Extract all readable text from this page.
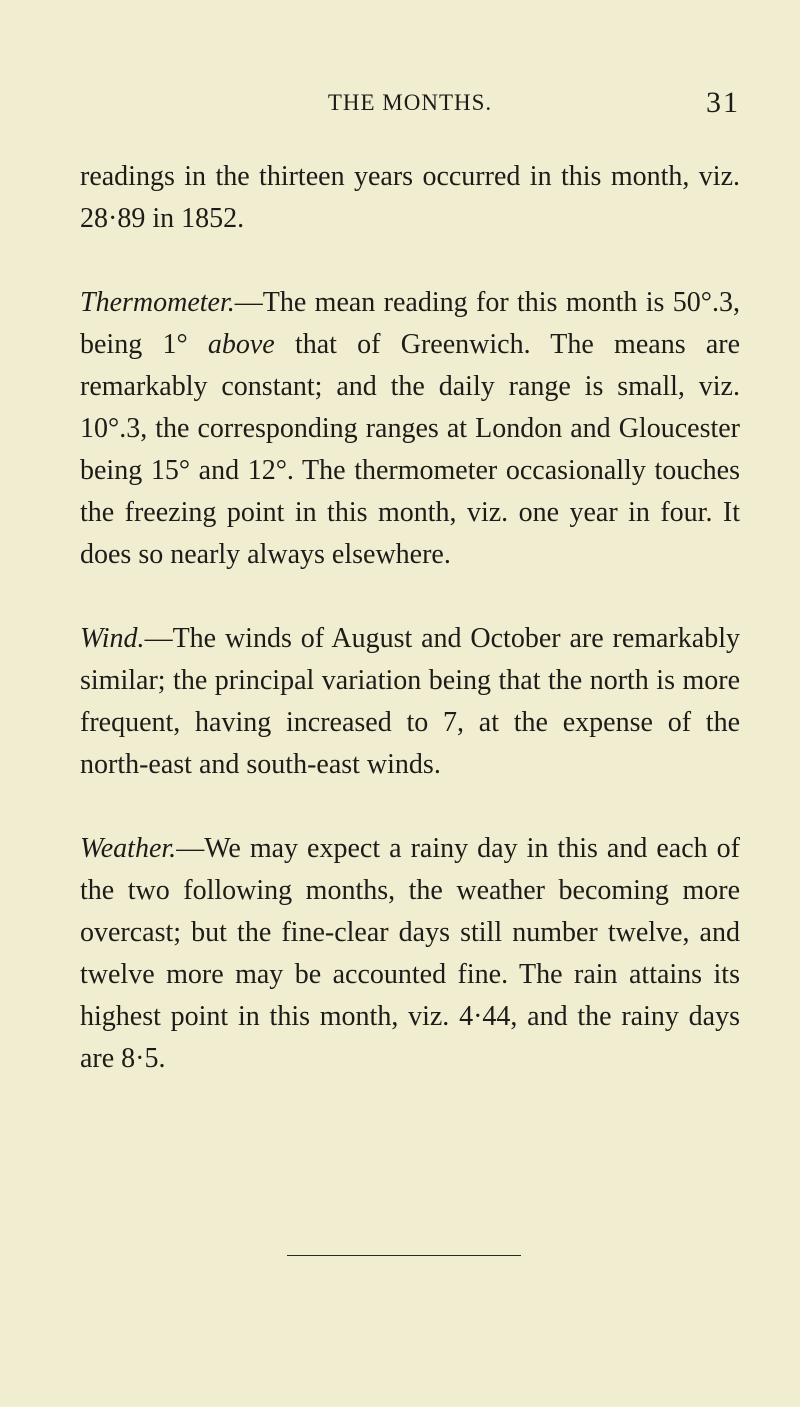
THE MONTHS.	31

readings in the thirteen years occurred in this month, viz. 28·89 in 1852.

Thermometer.—The mean reading for this month is 50°.3, being 1° above that of Greenwich. The means are remarkably constant; and the daily range is small, viz. 10°.3, the corresponding ranges at London and Gloucester being 15° and 12°. The thermometer occasionally touches the freezing point in this month, viz. one year in four. It does so nearly always elsewhere.

Wind.—The winds of August and October are remarkably similar; the principal variation being that the north is more frequent, having increased to 7, at the expense of the north-east and south-east winds.

Weather.—We may expect a rainy day in this and each of the two following months, the weather becoming more overcast; but the fine-clear days still number twelve, and twelve more may be accounted fine. The rain attains its highest point in this month, viz. 4·44, and the rainy days are 8·5.
